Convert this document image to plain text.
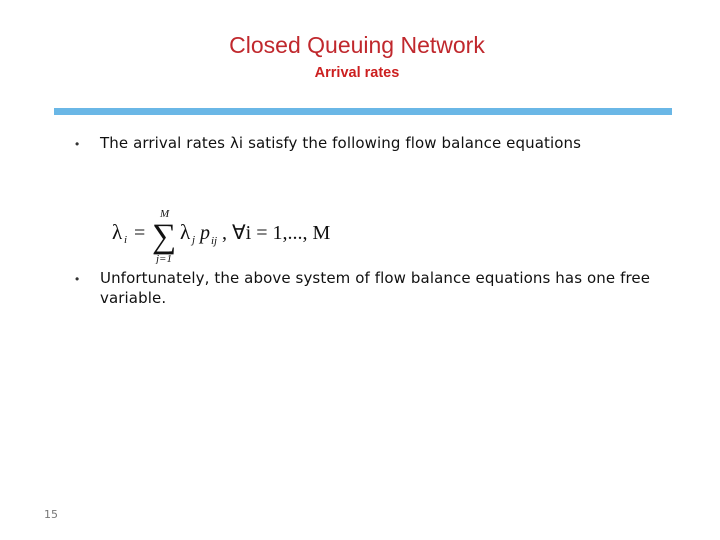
Closed Queuing Network
Arrival rates
• The arrival rates λi satisfy the following flow balance equations
λ i = ∑
M
j=1
λ j p ij , ∀i = 1,..., M
• Unfortunately, the above system of flow balance equations has one free variable.
15
